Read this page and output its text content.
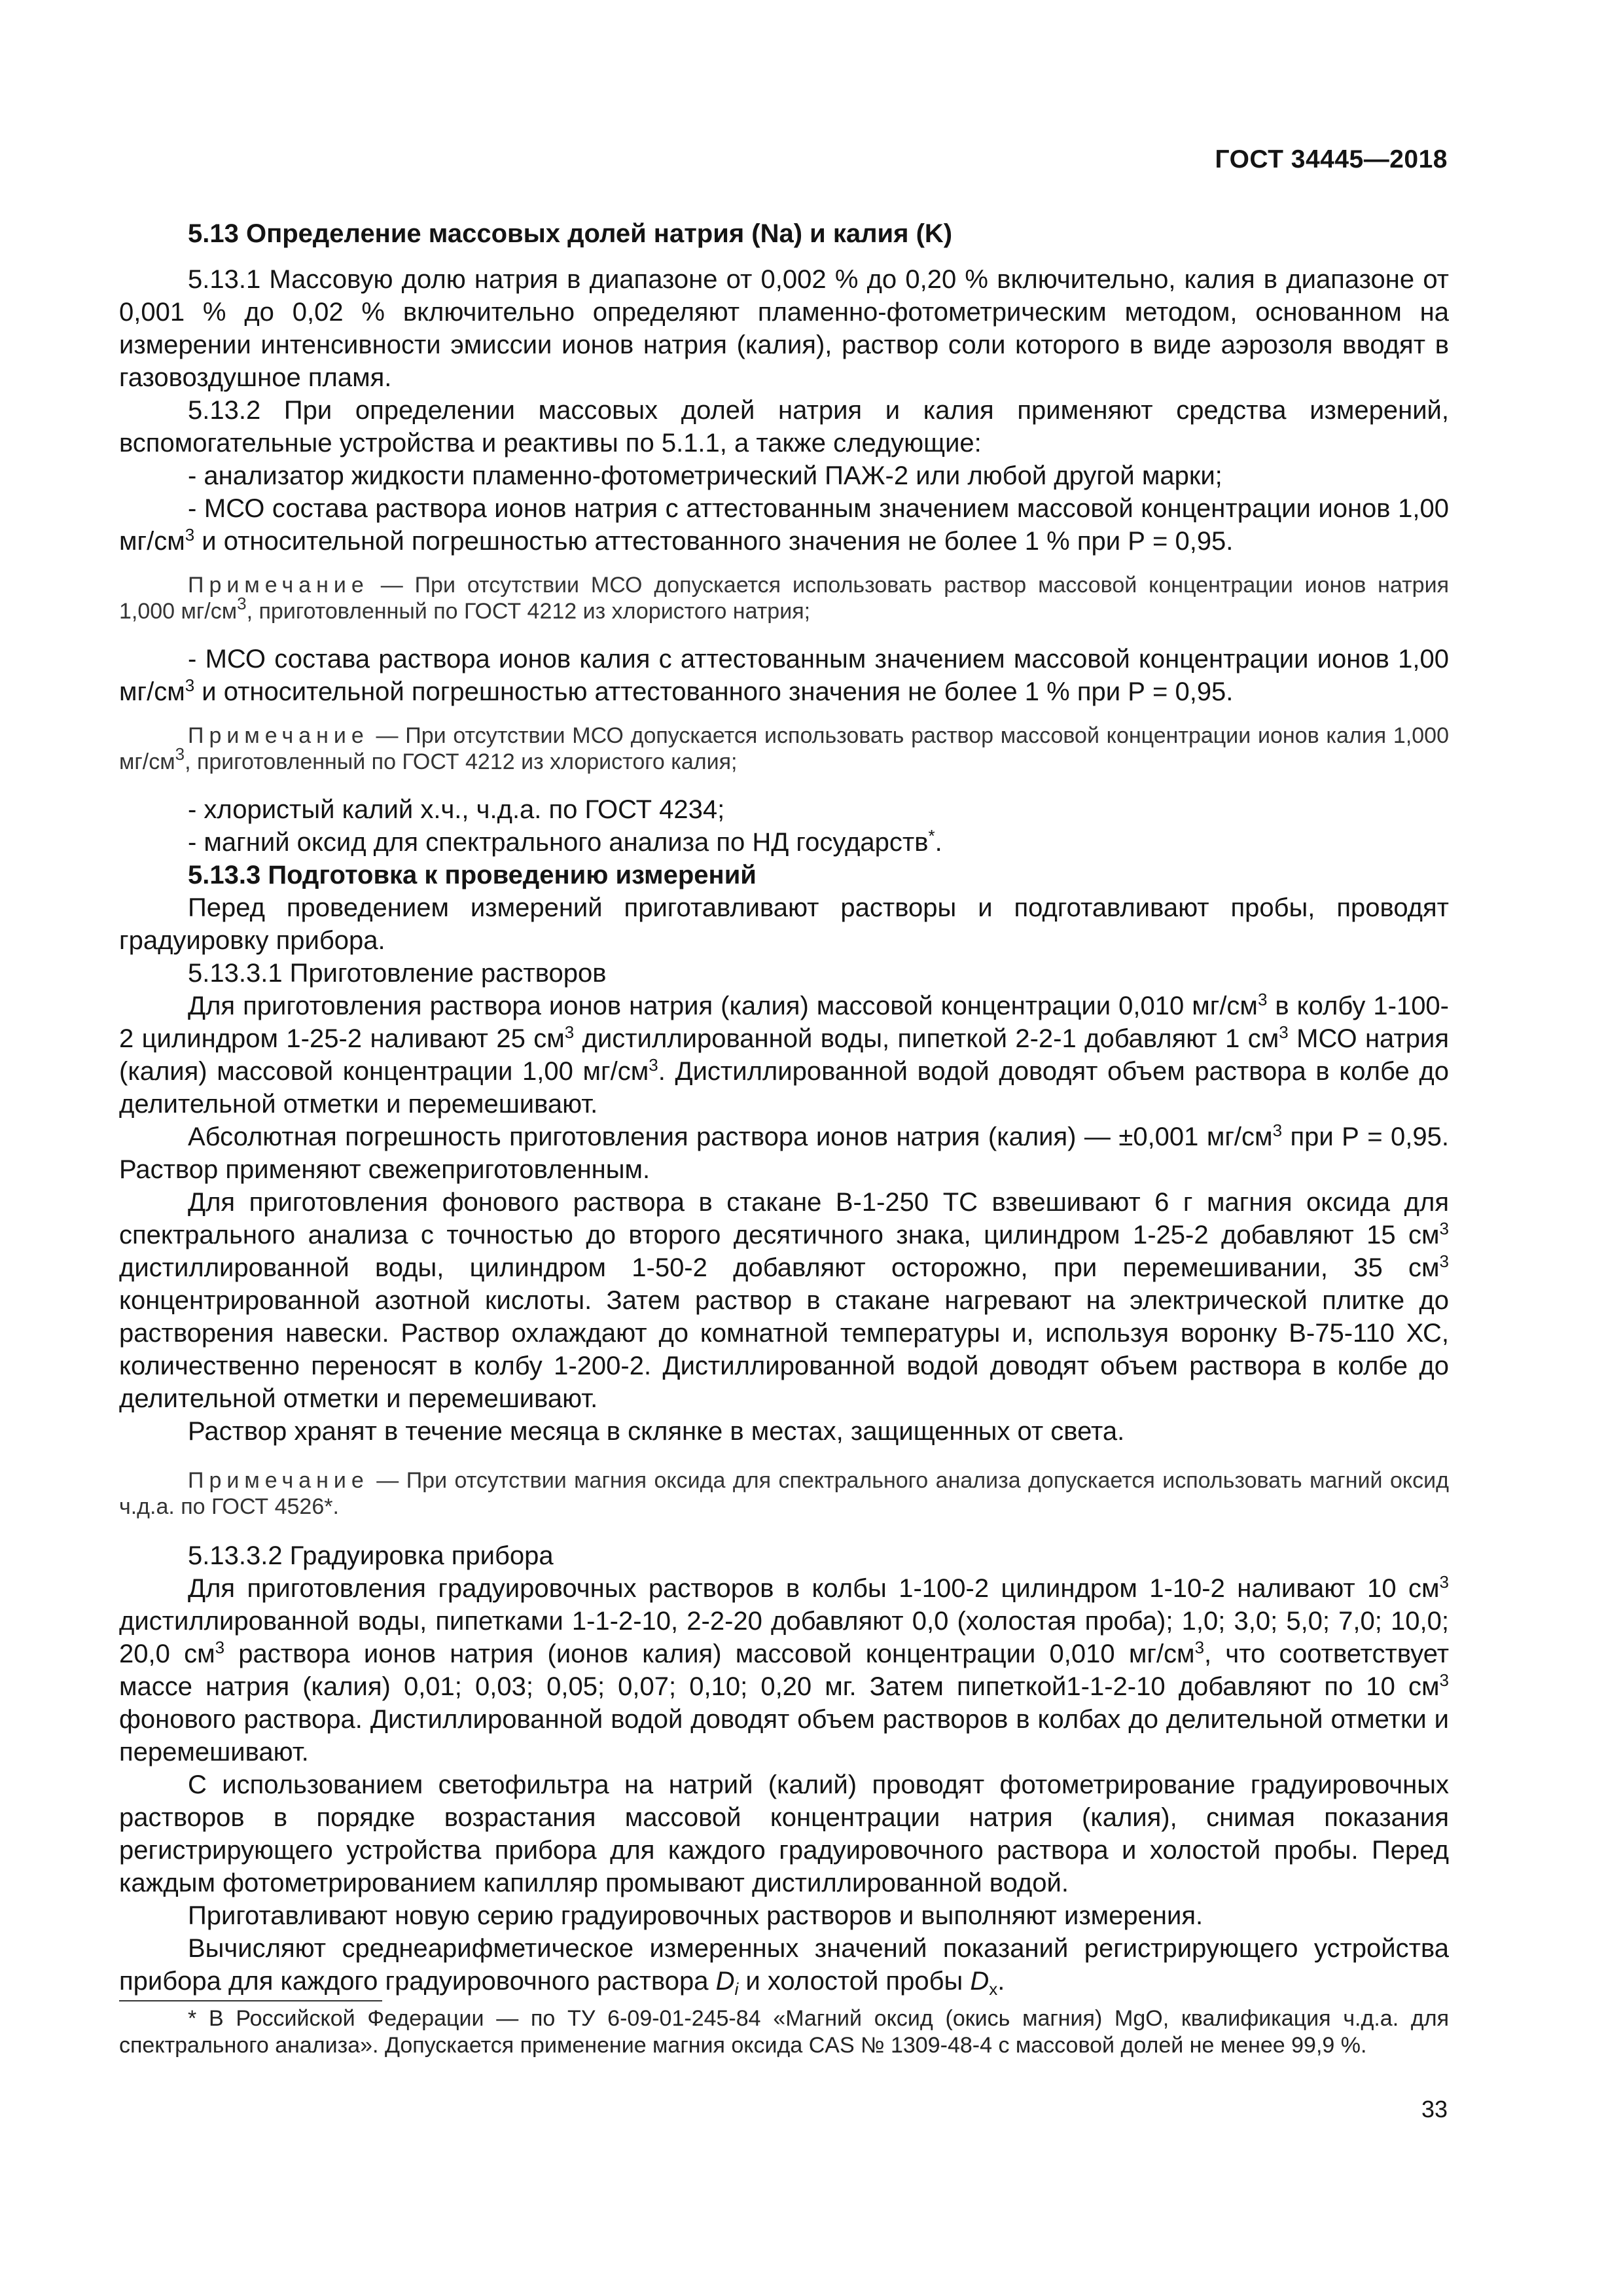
ГОСТ 34445—2018

5.13 Определение массовых долей натрия (Na) и калия (K)

5.13.1 Массовую долю натрия в диапазоне от 0,002 % до 0,20 % включительно, калия в диапазоне от 0,001 % до 0,02 % включительно определяют пламенно-фотометрическим методом, основанном на измерении интенсивности эмиссии ионов натрия (калия), раствор соли которого в виде аэрозоля вводят в газовоздушное пламя.

5.13.2 При определении массовых долей натрия и калия применяют средства измерений, вспомогательные устройства и реактивы по 5.1.1, а также следующие:

- анализатор жидкости пламенно-фотометрический ПАЖ-2 или любой другой марки;

- МСО состава раствора ионов натрия с аттестованным значением массовой концентрации ионов 1,00 $мг/см^3$ и относительной погрешностью аттестованного значения не более 1 % при Р = 0,95.

Примечание — При отсутствии МСО допускается использовать раствор массовой концентрации ионов натрия 1,000 $мг/см^3$, приготовленный по ГОСТ 4212 из хлористого натрия;

- МСО состава раствора ионов калия с аттестованным значением массовой концентрации ионов 1,00 $мг/см^3$ и относительной погрешностью аттестованного значения не более 1 % при Р = 0,95.

Примечание — При отсутствии МСО допускается использовать раствор массовой концентрации ионов калия 1,000 $мг/см^3$, приготовленный по ГОСТ 4212 из хлористого калия;

- хлористый калий х.ч., ч.д.а. по ГОСТ 4234;

- магний оксид для спектрального анализа по НД государств*.

5.13.3 Подготовка к проведению измерений

Перед проведением измерений приготавливают растворы и подготавливают пробы, проводят градуировку прибора.

5.13.3.1 Приготовление растворов

Для приготовления раствора ионов натрия (калия) массовой концентрации 0,010 $мг/см^3$ в колбу 1-100-2 цилиндром 1-25-2 наливают 25 $см^3$ дистиллированной воды, пипеткой 2-2-1 добавляют 1 $см^3$ МСО натрия (калия) массовой концентрации 1,00 $мг/см^3$. Дистиллированной водой доводят объем раствора в колбе до делительной отметки и перемешивают.

Абсолютная погрешность приготовления раствора ионов натрия (калия) — ±0,001 $мг/см^3$ при Р = 0,95. Раствор применяют свежеприготовленным.

Для приготовления фонового раствора в стакане В-1-250 ТС взвешивают 6 г магния оксида для спектрального анализа с точностью до второго десятичного знака, цилиндром 1-25-2 добавляют 15 $см^3$ дистиллированной воды, цилиндром 1-50-2 добавляют осторожно, при перемешивании, 35 $см^3$ концентрированной азотной кислоты. Затем раствор в стакане нагревают на электрической плитке до растворения навески. Раствор охлаждают до комнатной температуры и, используя воронку В-75-110 ХС, количественно переносят в колбу 1-200-2. Дистиллированной водой доводят объем раствора в колбе до делительной отметки и перемешивают.

Раствор хранят в течение месяца в склянке в местах, защищенных от света.

Примечание — При отсутствии магния оксида для спектрального анализа допускается использовать магний оксид ч.д.а. по ГОСТ 4526*.

5.13.3.2 Градуировка прибора

Для приготовления градуировочных растворов в колбы 1-100-2 цилиндром 1-10-2 наливают 10 $см^3$ дистиллированной воды, пипетками 1-1-2-10, 2-2-20 добавляют 0,0 (холостая проба); 1,0; 3,0; 5,0; 7,0; 10,0; 20,0 $см^3$ раствора ионов натрия (ионов калия) массовой концентрации 0,010 $мг/см^3$, что соответствует массе натрия (калия) 0,01; 0,03; 0,05; 0,07; 0,10; 0,20 мг. Затем пипеткой1-1-2-10 добавляют по 10 $см^3$ фонового раствора. Дистиллированной водой доводят объем растворов в колбах до делительной отметки и перемешивают.

С использованием светофильтра на натрий (калий) проводят фотометрирование градуировочных растворов в порядке возрастания массовой концентрации натрия (калия), снимая показания регистрирующего устройства прибора для каждого градуировочного раствора и холостой пробы. Перед каждым фотометрированием капилляр промывают дистиллированной водой.

Приготавливают новую серию градуировочных растворов и выполняют измерения.

Вычисляют среднеарифметическое измеренных значений показаний регистрирующего устройства прибора для каждого градуировочного раствора $D_i$ и холостой пробы $D_x$.

* В Российской Федерации — по ТУ 6-09-01-245-84 «Магний оксид (окись магния) MgO, квалификация ч.д.а. для спектрального анализа». Допускается применение магния оксида CAS № 1309-48-4 с массовой долей не менее 99,9 %.

33
